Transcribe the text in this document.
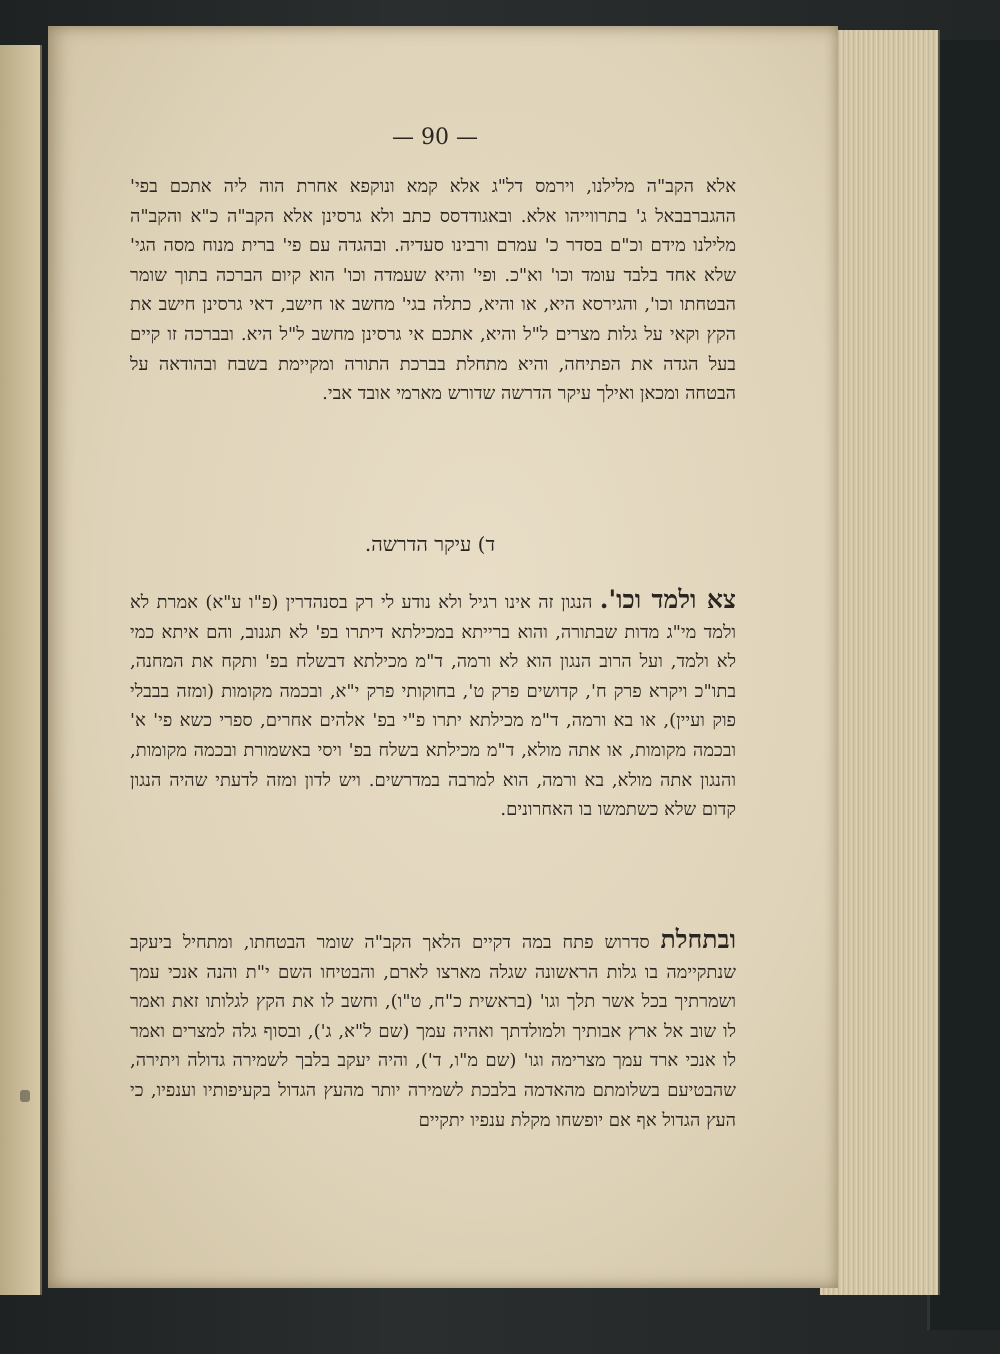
— 90 —

אלא הקב"ה מלילנו, וירמס דל"ג אלא קמא ונוקפא אחרת הוה ליה אתכם בפי' ההגברבבאל ג' בתרווייהו אלא. ובאגודדסס כתב ולא גרסינן אלא הקב"ה כ"א והקב"ה מלילנו מידם וכ"ם בסדר כ' עמרם ורבינו סעדיה. ובהגדה עם פי' ברית מנוח מסה הגי' שלא אחד בלבד עומד וכו' וא"כ. ופי' והיא שעמדה וכו' הוא קיום הברכה בתוך שומר הבטחתו וכו', והגירסא היא, או והיא, כתלה בגי' מחשב או חישב, דאי גרסינן חישב את הקץ וקאי על גלות מצרים ל"ל והיא, אתכם אי גרסינן מחשב ל"ל היא. ובברכה זו קיים בעל הגדה את הפתיחה, והיא מתחלת בברכת התורה ומקיימת בשבח ובהודאה על הבטחה ומכאן ואילך עיקר הדרשה שדורש מארמי אובד אבי.

ד) עיקר הדרשה.

צא ולמד וכו'. הנגון זה אינו רגיל ולא נודע לי רק בסנהדרין (פ"ו ע"א) אמרת לא ולמד מי"ג מדות שבתורה, והוא ברייתא במכילתא דיתרו בפ' לא תגנוב, והם איתא כמי לא ולמד, ועל הרוב הנגון הוא לא ורמה, ד"מ מכילתא דבשלח בפ' ותקח את המחנה, בתו"כ ויקרא פרק ח', קדושים פרק ט', בחוקותי פרק י"א, ובכמה מקומות (ומזה בבבלי פוק ועיין), או בא ורמה, ד"מ מכילתא יתרו פ"י בפ' אלהים אחרים, ספרי כשא פי' א' ובכמה מקומות, או אתה מולא, ד"מ מכילתא בשלח בפ' ויסי באשמורת ובכמה מקומות, והנגון אתה מולא, בא ורמה, הוא למרבה במדרשים. ויש לדון ומזה לדעתי שהיה הנגון קדום שלא כשתמשו בו האחרונים.

ובתחלת סדרוש פתח במה דקיים הלאך הקב"ה שומר הבטחתו, ומתחיל ביעקב שנתקיימה בו גלות הראשונה שגלה מארצו לארם, והבטיחו השם י"ת והנה אנכי עמך ושמרתיך בכל אשר תלך וגו' (בראשית כ"ח, ט"ו), וחשב לו את הקץ לגלותו זאת ואמר לו שוב אל ארץ אבותיך ולמולדתך ואהיה עמך (שם ל"א, ג'), ובסוף גלה למצרים ואמר לו אנכי ארד עמך מצרימה וגו' (שם מ"ו, ד'), והיה יעקב בלבך לשמירה גדולה ויתירה, שהבטיעם בשלומתם מהאדמה בלבכת לשמירה יותר מהעץ הגדול בקעיפותיו וענפיו, כי העץ הגדול אף אם יופשחו מקלת ענפיו יתקיים
